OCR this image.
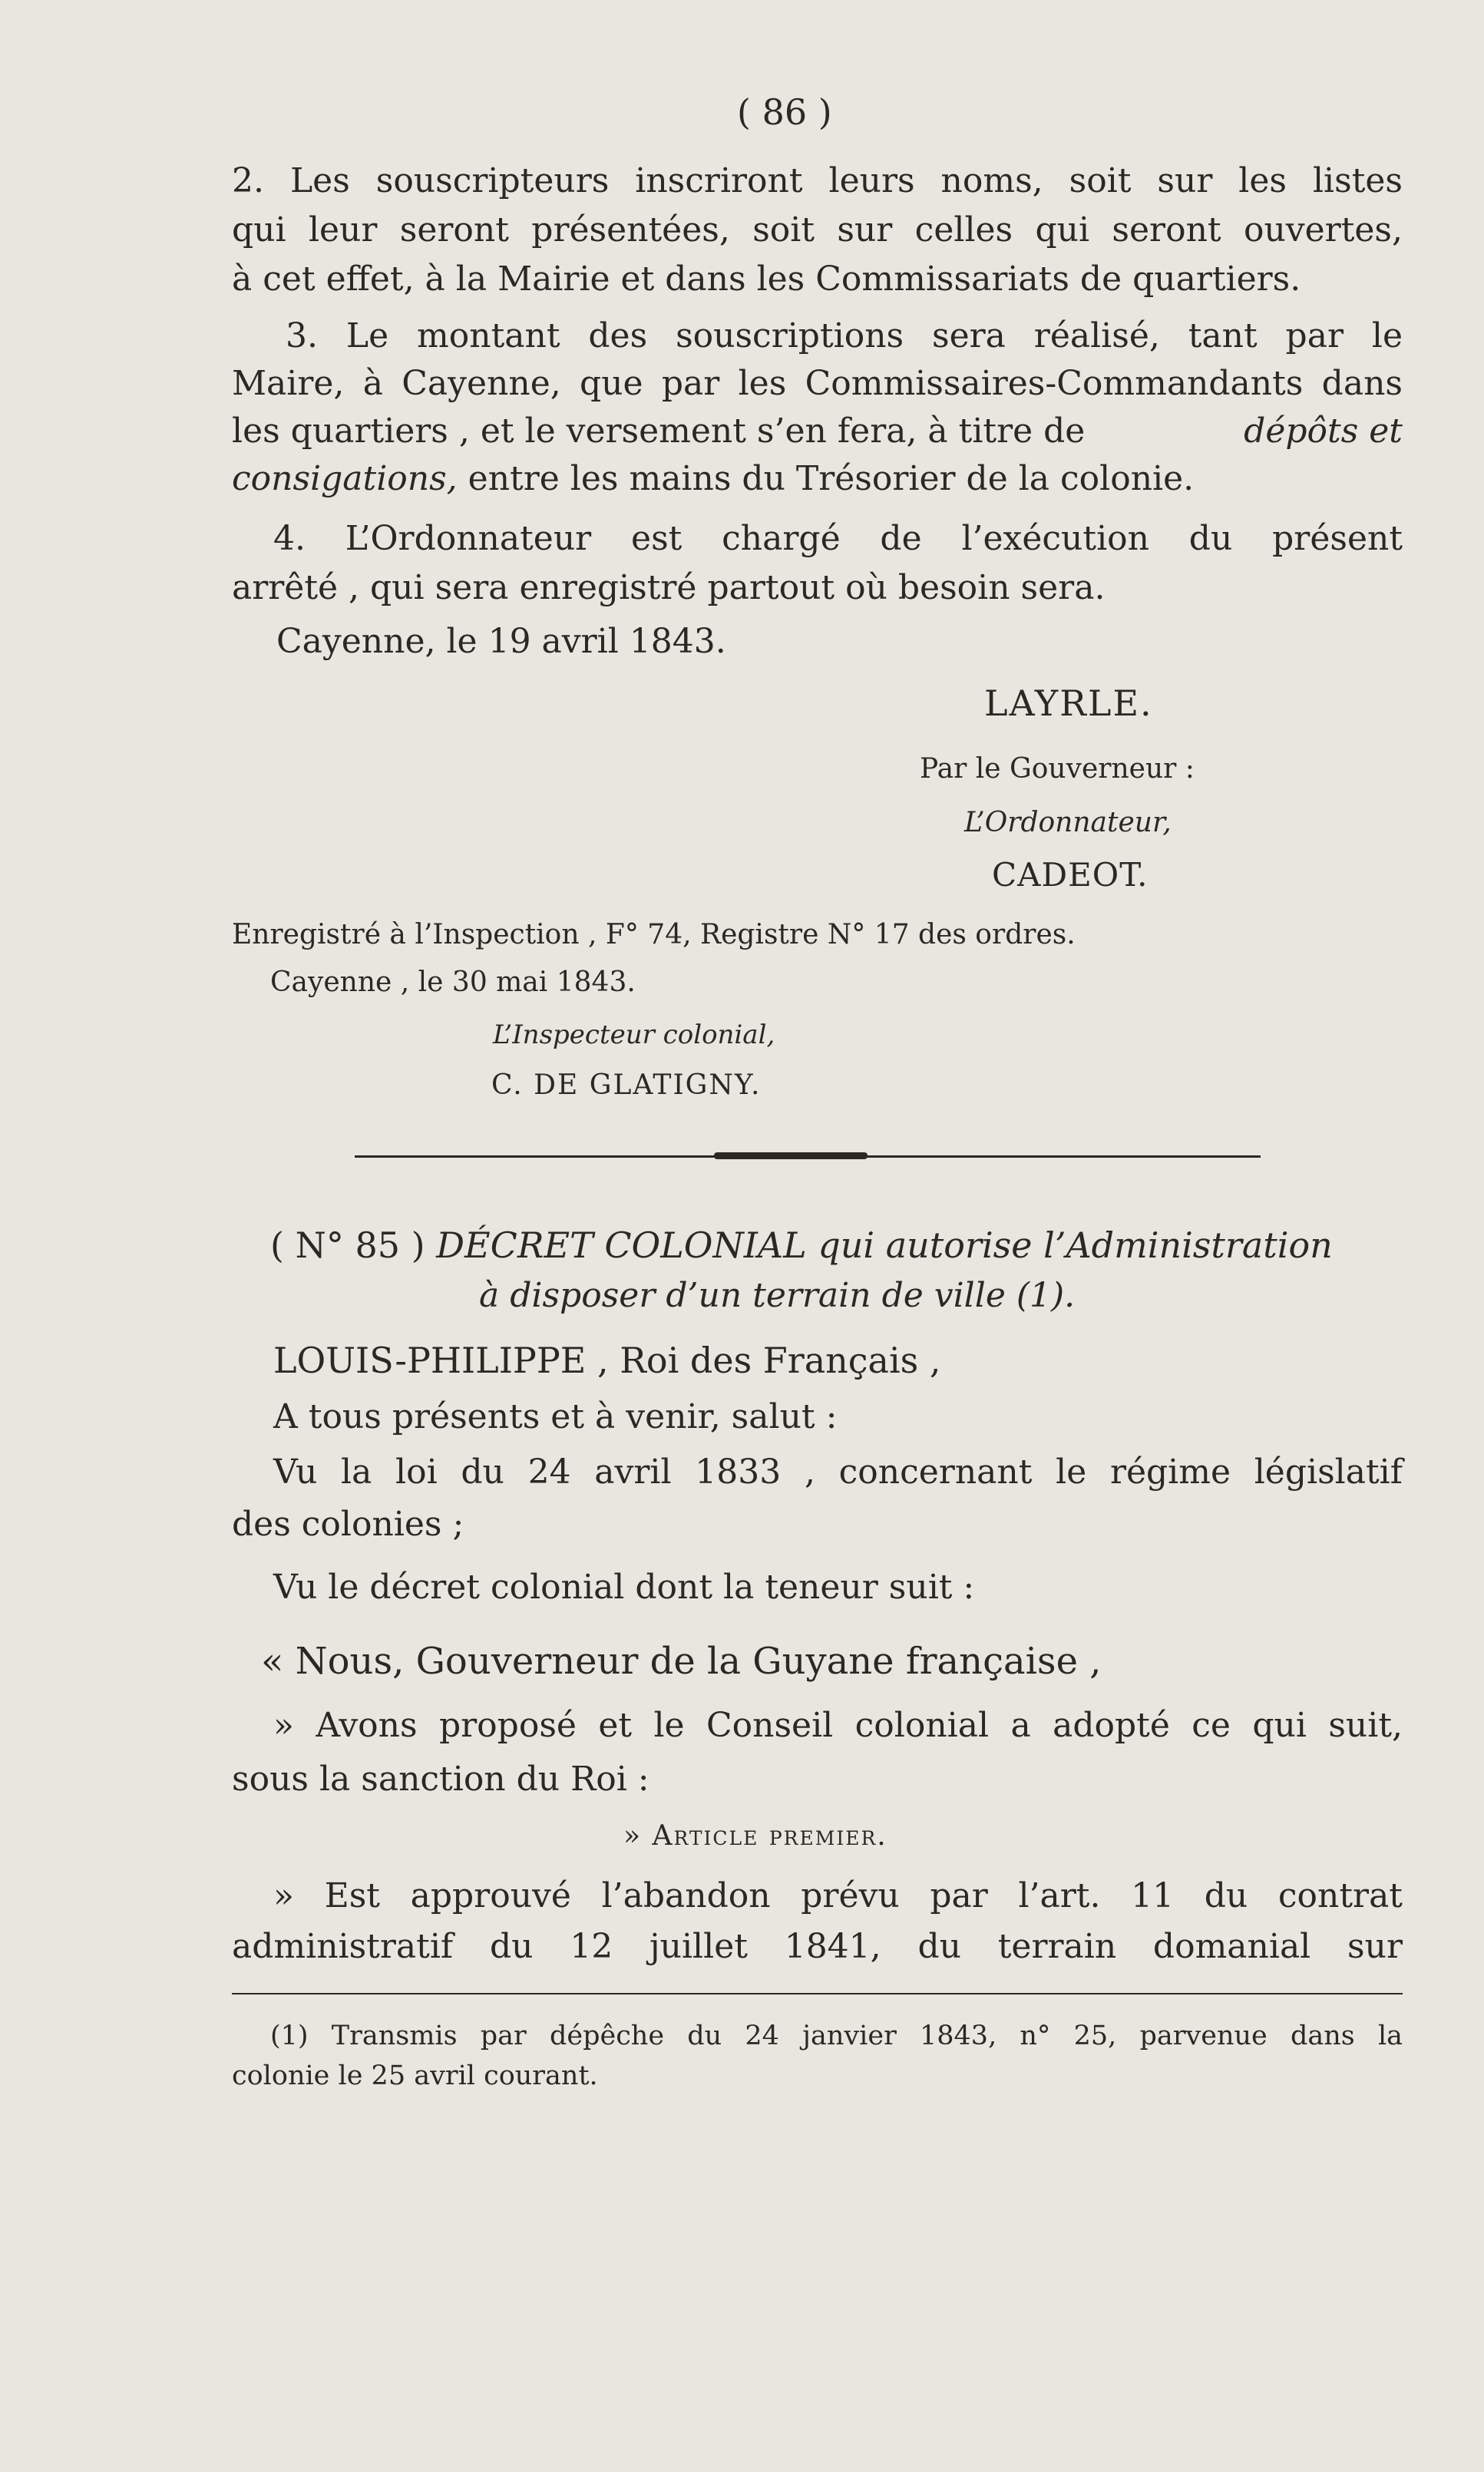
( 86 )
2. Les souscripteurs inscriront leurs noms, soit sur les listes
qui leur seront présentées, soit sur celles qui seront ouvertes,
à cet effet, à la Mairie et dans les Commissariats de quartiers.
3. Le montant des souscriptions sera réalisé, tant par le
Maire, à Cayenne, que par les Commissaires-Commandants dans
les quartiers , et le versement s’en fera, à titre de	dépôts et
consigations, entre les mains du Trésorier de la colonie.
4. L’Ordonnateur est chargé de l’exécution du présent
arrêté , qui sera enregistré partout où besoin sera.
Cayenne, le 19 avril 1843.
LAYRLE.
Par le Gouverneur :
L’Ordonnateur,
CADEOT.
Enregistré à l’Inspection , F° 74, Registre N° 17 des ordres.
Cayenne , le 30 mai 1843.
L’Inspecteur colonial,
C. DE GLATIGNY.
( N° 85 ) DÉCRET COLONIAL qui autorise l’Administration
à disposer d’un terrain de ville (1).
LOUIS-PHILIPPE , Roi des Français ,
A tous présents et à venir, salut :
Vu la loi du 24 avril 1833 , concernant le régime législatif
des colonies ;
Vu le décret colonial dont la teneur suit :
« Nous, Gouverneur de la Guyane française ,
» Avons proposé et le Conseil colonial a adopté ce qui suit,
sous la sanction du Roi :
» Article premier.
» Est approuvé l’abandon prévu par l’art. 11 du contrat
administratif du 12 juillet 1841, du terrain domanial sur
(1) Transmis par dépêche du 24 janvier 1843, n° 25, parvenue dans la
colonie le 25 avril courant.
